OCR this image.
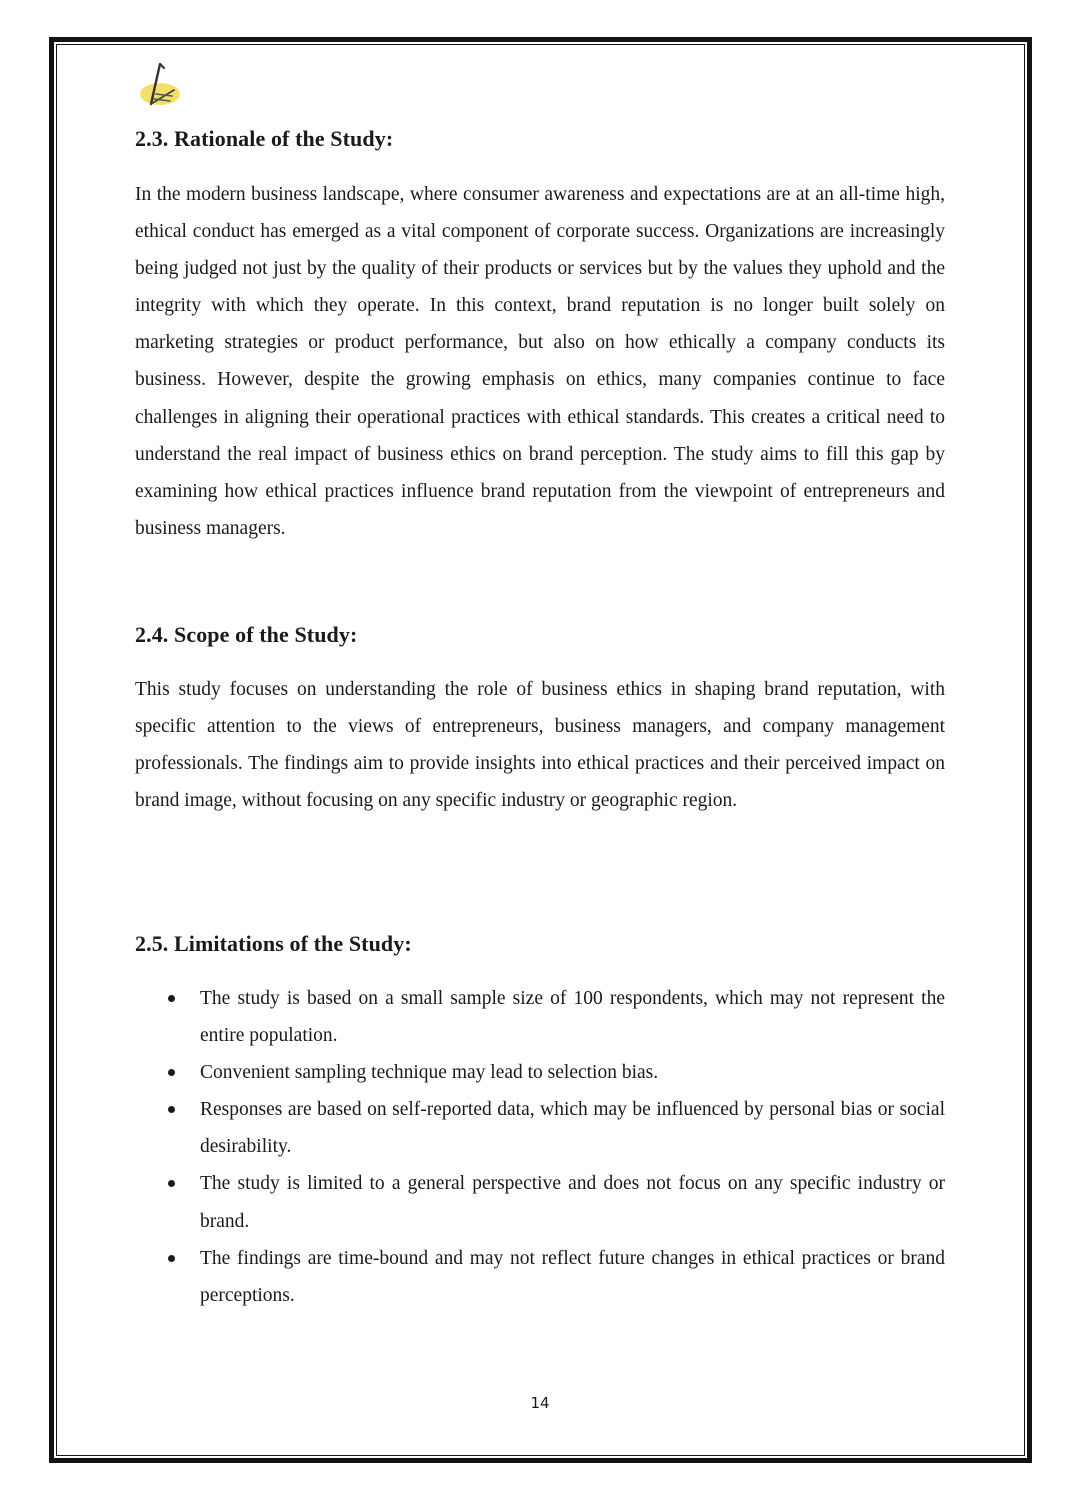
2.3. Rationale of the Study:

In the modern business landscape, where consumer awareness and expectations are at an all-time high, ethical conduct has emerged as a vital component of corporate success. Organizations are increasingly being judged not just by the quality of their products or services but by the values they uphold and the integrity with which they operate. In this context, brand reputation is no longer built solely on marketing strategies or product performance, but also on how ethically a company conducts its business. However, despite the growing emphasis on ethics, many companies continue to face challenges in aligning their operational practices with ethical standards. This creates a critical need to understand the real impact of business ethics on brand perception. The study aims to fill this gap by examining how ethical practices influence brand reputation from the viewpoint of entrepreneurs and business managers.

2.4. Scope of the Study:

This study focuses on understanding the role of business ethics in shaping brand reputation, with specific attention to the views of entrepreneurs, business managers, and company management professionals. The findings aim to provide insights into ethical practices and their perceived impact on brand image, without focusing on any specific industry or geographic region.

2.5. Limitations of the Study:
The study is based on a small sample size of 100 respondents, which may not represent the entire population.
Convenient sampling technique may lead to selection bias.
Responses are based on self-reported data, which may be influenced by personal bias or social desirability.
The study is limited to a general perspective and does not focus on any specific industry or brand.
The findings are time-bound and may not reflect future changes in ethical practices or brand perceptions.
14
